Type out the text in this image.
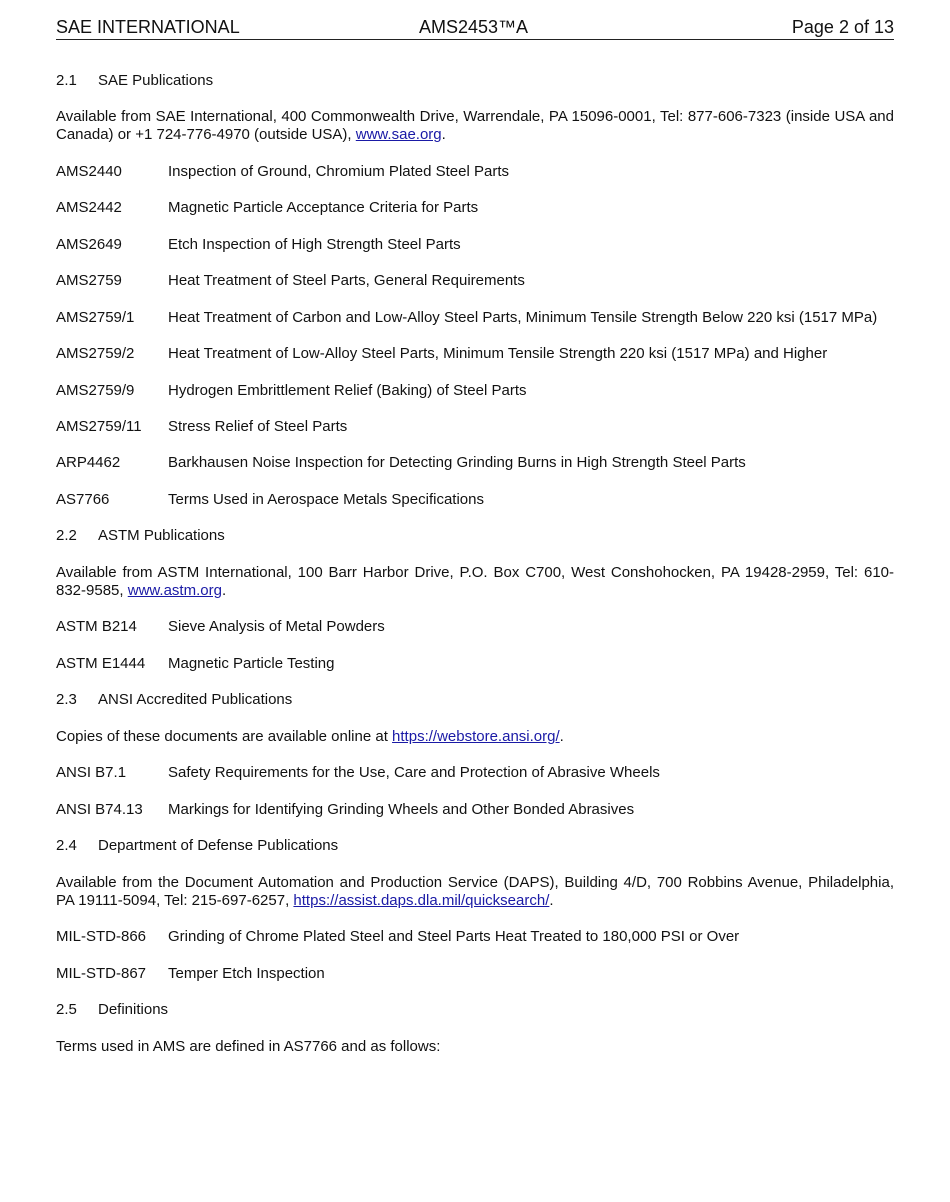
SAE INTERNATIONAL	AMS2453™A	Page 2 of 13
2.1 SAE Publications
Available from SAE International, 400 Commonwealth Drive, Warrendale, PA 15096-0001, Tel: 877-606-7323 (inside USA and Canada) or +1 724-776-4970 (outside USA), www.sae.org.
AMS2440	Inspection of Ground, Chromium Plated Steel Parts
AMS2442	Magnetic Particle Acceptance Criteria for Parts
AMS2649	Etch Inspection of High Strength Steel Parts
AMS2759	Heat Treatment of Steel Parts, General Requirements
AMS2759/1 Heat Treatment of Carbon and Low-Alloy Steel Parts, Minimum Tensile Strength Below 220 ksi (1517 MPa)
AMS2759/2 Heat Treatment of Low-Alloy Steel Parts, Minimum Tensile Strength 220 ksi (1517 MPa) and Higher
AMS2759/9 Hydrogen Embrittlement Relief (Baking) of Steel Parts
AMS2759/11 Stress Relief of Steel Parts
ARP4462	Barkhausen Noise Inspection for Detecting Grinding Burns in High Strength Steel Parts
AS7766	Terms Used in Aerospace Metals Specifications
2.2 ASTM Publications
Available from ASTM International, 100 Barr Harbor Drive, P.O. Box C700, West Conshohocken, PA 19428-2959, Tel: 610-832-9585, www.astm.org.
ASTM B214 Sieve Analysis of Metal Powders
ASTM E1444 Magnetic Particle Testing
2.3 ANSI Accredited Publications
Copies of these documents are available online at https://webstore.ansi.org/.
ANSI B7.1	Safety Requirements for the Use, Care and Protection of Abrasive Wheels
ANSI B74.13 Markings for Identifying Grinding Wheels and Other Bonded Abrasives
2.4 Department of Defense Publications
Available from the Document Automation and Production Service (DAPS), Building 4/D, 700 Robbins Avenue, Philadelphia, PA 19111-5094, Tel: 215-697-6257, https://assist.daps.dla.mil/quicksearch/.
MIL-STD-866 Grinding of Chrome Plated Steel and Steel Parts Heat Treated to 180,000 PSI or Over
MIL-STD-867 Temper Etch Inspection
2.5 Definitions
Terms used in AMS are defined in AS7766 and as follows:
